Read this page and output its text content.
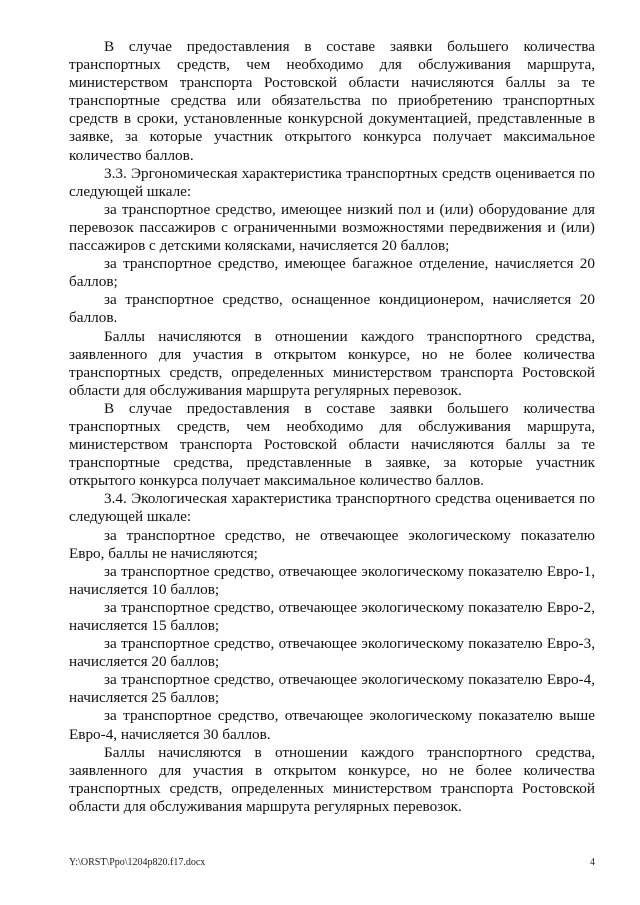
В случае предоставления в составе заявки большего количества транспортных средств, чем необходимо для обслуживания маршрута, министерством транспорта Ростовской области начисляются баллы за те транспортные средства или обязательства по приобретению транспортных средств в сроки, установленные конкурсной документацией, представленные в заявке, за которые участник открытого конкурса получает максимальное количество баллов.

3.3. Эргономическая характеристика транспортных средств оценивается по следующей шкале:

за транспортное средство, имеющее низкий пол и (или) оборудование для перевозок пассажиров с ограниченными возможностями передвижения и (или) пассажиров с детскими колясками, начисляется 20 баллов;

за транспортное средство, имеющее багажное отделение, начисляется 20 баллов;

за транспортное средство, оснащенное кондиционером, начисляется 20 баллов.

Баллы начисляются в отношении каждого транспортного средства, заявленного для участия в открытом конкурсе, но не более количества транспортных средств, определенных министерством транспорта Ростовской области для обслуживания маршрута регулярных перевозок.

В случае предоставления в составе заявки большего количества транспортных средств, чем необходимо для обслуживания маршрута, министерством транспорта Ростовской области начисляются баллы за те транспортные средства, представленные в заявке, за которые участник открытого конкурса получает максимальное количество баллов.

3.4. Экологическая характеристика транспортного средства оценивается по следующей шкале:

за транспортное средство, не отвечающее экологическому показателю Евро, баллы не начисляются;

за транспортное средство, отвечающее экологическому показателю Евро-1, начисляется 10 баллов;

за транспортное средство, отвечающее экологическому показателю Евро-2, начисляется 15 баллов;

за транспортное средство, отвечающее экологическому показателю Евро-3, начисляется 20 баллов;

за транспортное средство, отвечающее экологическому показателю Евро-4, начисляется 25 баллов;

за транспортное средство, отвечающее экологическому показателю выше Евро-4, начисляется 30 баллов.

Баллы начисляются в отношении каждого транспортного средства, заявленного для участия в открытом конкурсе, но не более количества транспортных средств, определенных министерством транспорта Ростовской области для обслуживания маршрута регулярных перевозок.

Y:\ORST\Ppo\1204p820.f17.docx	4
